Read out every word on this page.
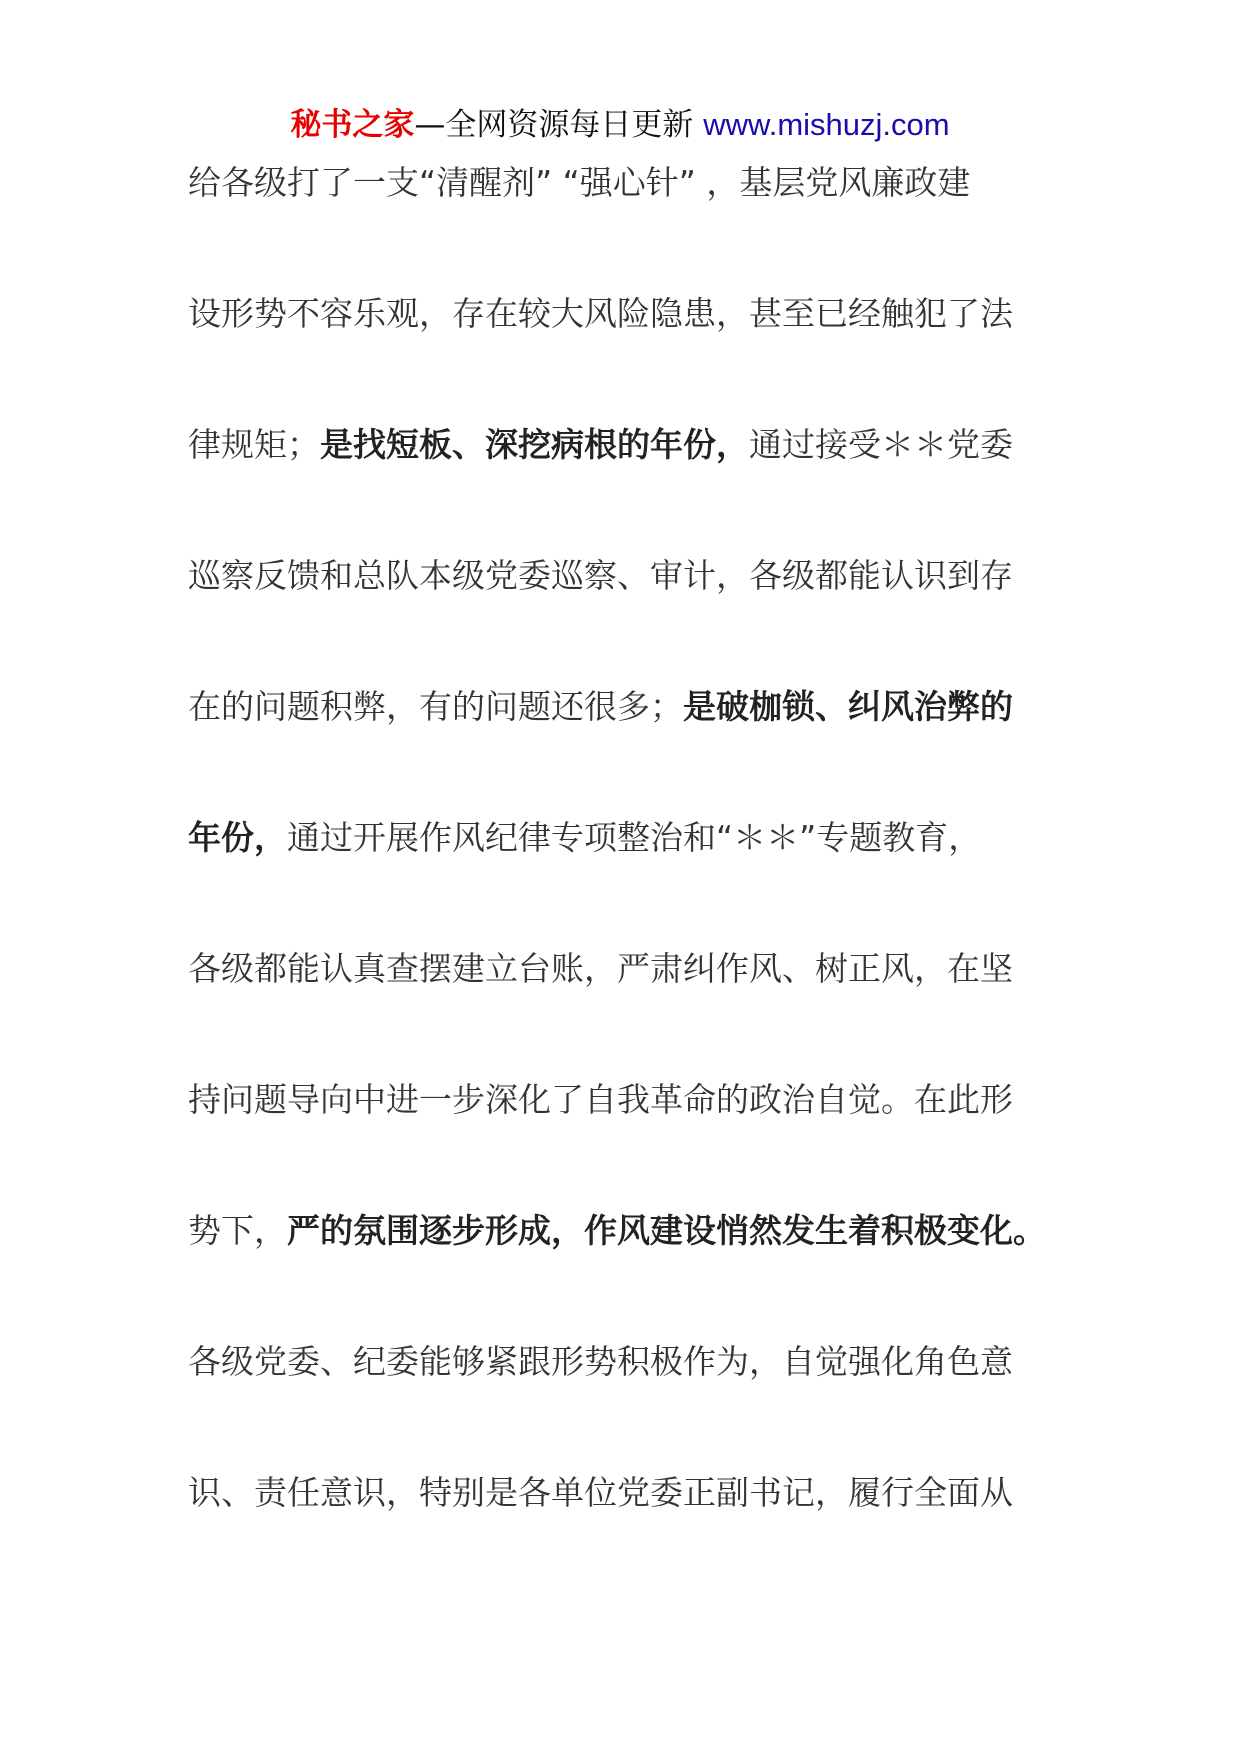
秘书之家—全网资源每日更新 www.mishuzj.com
给各级打了一支“清醒剂” “强心针” ，基层党风廉政建
设形势不容乐观，存在较大风险隐患，甚至已经触犯了法
律规矩；是找短板、深挖病根的年份，通过接受＊＊党委
巡察反馈和总队本级党委巡察、审计，各级都能认识到存
在的问题积弊，有的问题还很多；是破枷锁、纠风治弊的
年份，通过开展作风纪律专项整治和“＊＊”专题教育，
各级都能认真查摆建立台账，严肃纠作风、树正风，在坚
持问题导向中进一步深化了自我革命的政治自觉。在此形
势下，严的氛围逐步形成，作风建设悄然发生着积极变化。
各级党委、纪委能够紧跟形势积极作为，自觉强化角色意
识、责任意识，特别是各单位党委正副书记，履行全面从
